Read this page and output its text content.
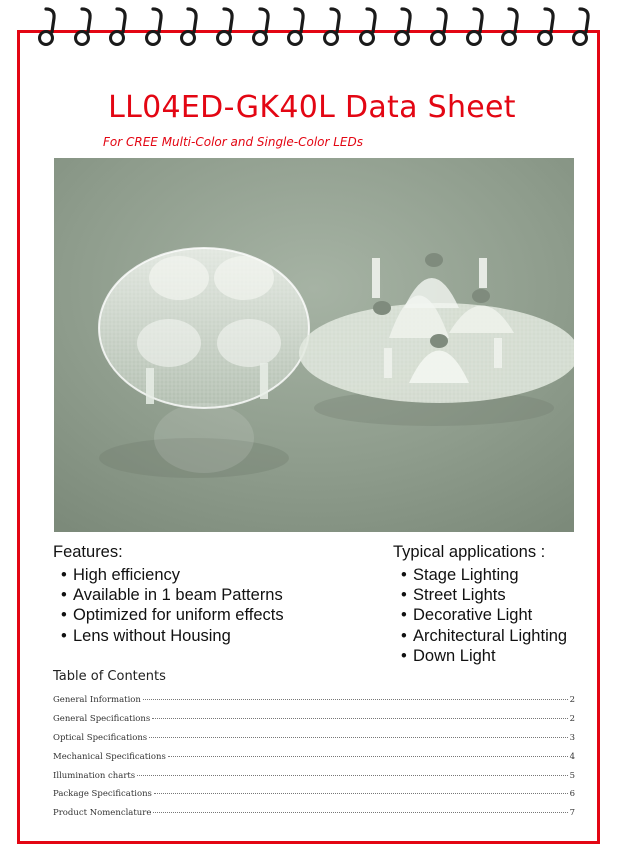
LL04ED-GK40L Data Sheet
For CREE Multi-Color and Single-Color LEDs

Features:

• High efficiency
• Available in 1 beam Patterns
• Optimized for uniform effects
• Lens without Housing

Typical applications :

• Stage Lighting
• Street Lights
• Decorative Light
• Architectural Lighting
• Down Light
Table of Contents
General Information	2
General Specifications	2
Optical Specifications	3
Mechanical Specifications	4
Illumination charts	5
Package Specifications	6
Product Nomenclature	7
